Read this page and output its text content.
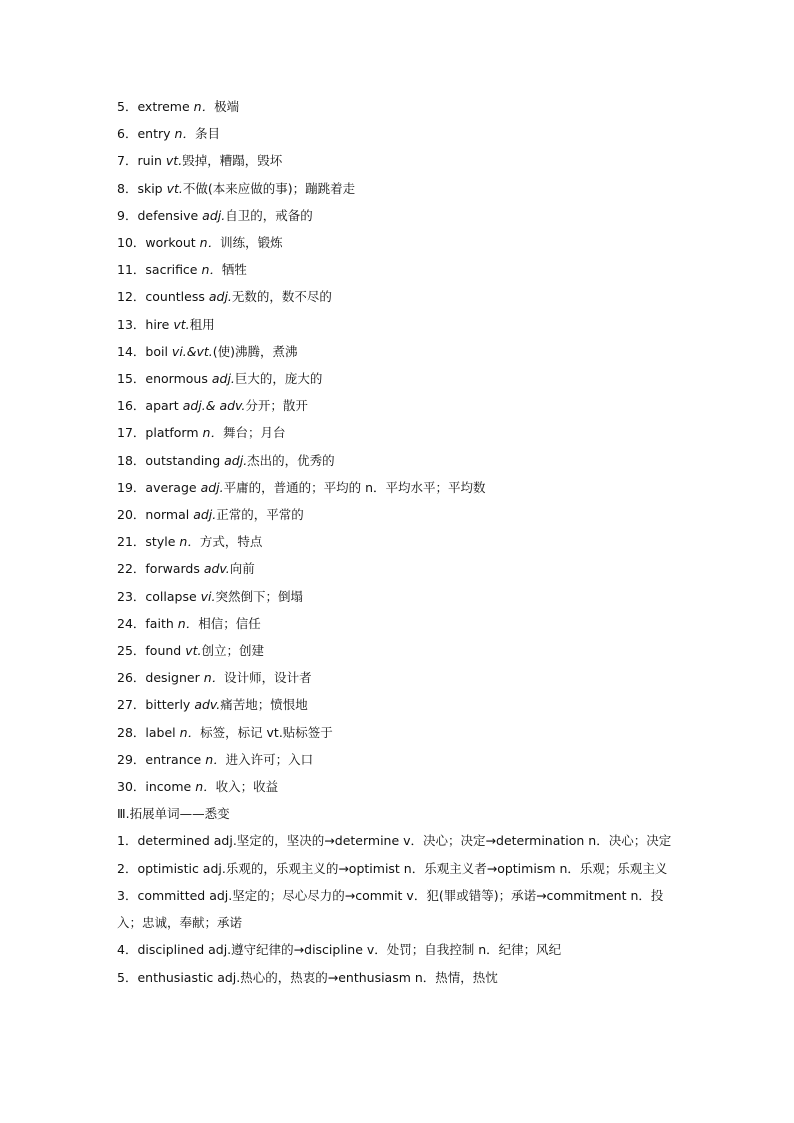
5．extreme n．极端
6．entry n．条目
7．ruin vt.毁掉，糟蹋，毁坏
8．skip vt.不做(本来应做的事)；蹦跳着走
9．defensive adj.自卫的，戒备的
10．workout n．训练，锻炼
11．sacrifice n．牺牲
12．countless adj.无数的，数不尽的
13．hire vt.租用
14．boil vi.&vt.(使)沸腾，煮沸
15．enormous adj.巨大的，庞大的
16．apart adj.& adv.分开；散开
17．platform n．舞台；月台
18．outstanding adj.杰出的，优秀的
19．average adj.平庸的，普通的；平均的 n．平均水平；平均数
20．normal adj.正常的，平常的
21．style n．方式，特点
22．forwards adv.向前
23．collapse vi.突然倒下；倒塌
24．faith n．相信；信任
25．found vt.创立；创建
26．designer n．设计师，设计者
27．bitterly adv.痛苦地；愤恨地
28．label n．标签，标记 vt.贴标签于
29．entrance n．进入许可；入口
30．income n．收入；收益
Ⅲ.拓展单词——悉变
1．determined adj.坚定的，坚决的→determine v．决心；决定→determination n．决心；决定
2．optimistic adj.乐观的，乐观主义的→optimist n．乐观主义者→optimism n．乐观；乐观主义
3．committed adj.坚定的；尽心尽力的→commit v．犯(罪或错等)；承诺→commitment n．投入；忠诚，奉献；承诺
4．disciplined adj.遵守纪律的→discipline v．处罚；自我控制 n．纪律；风纪
5．enthusiastic adj.热心的，热衷的→enthusiasm n．热情，热忱
